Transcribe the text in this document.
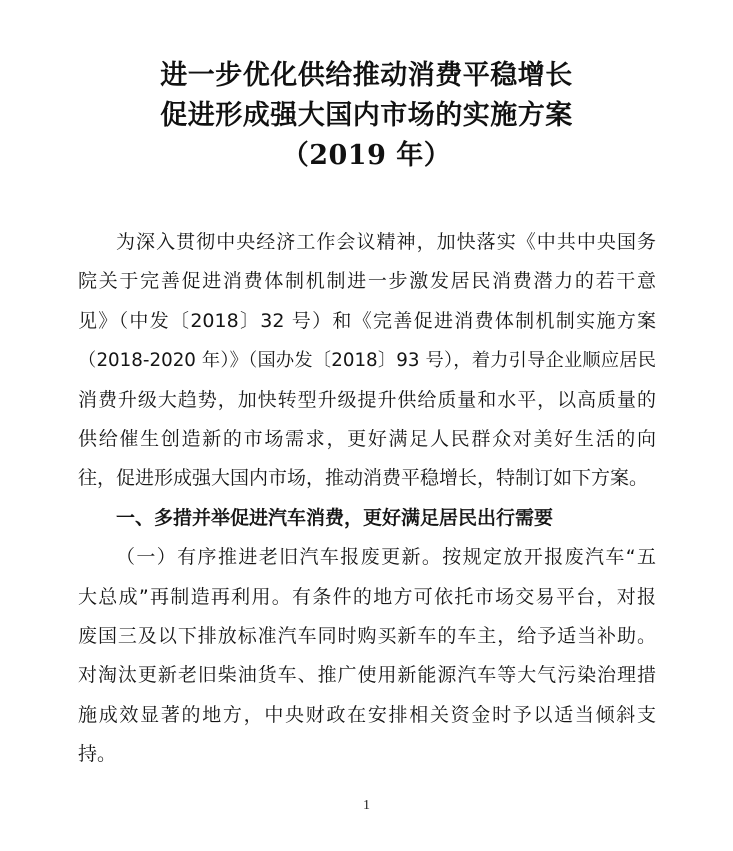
进一步优化供给推动消费平稳增长
促进形成强大国内市场的实施方案
（2019 年）
为深入贯彻中央经济工作会议精神，加快落实《中共中央国务
院关于完善促进消费体制机制进一步激发居民消费潜力的若干意
见》（中发〔2018〕32 号）和《完善促进消费体制机制实施方案
（2018-2020 年）》（国办发〔2018〕93 号），着力引导企业顺应居民
消费升级大趋势，加快转型升级提升供给质量和水平，以高质量的
供给催生创造新的市场需求，更好满足人民群众对美好生活的向
往，促进形成强大国内市场，推动消费平稳增长，特制订如下方案。
一、多措并举促进汽车消费，更好满足居民出行需要
（一）有序推进老旧汽车报废更新。按规定放开报废汽车“五
大总成”再制造再利用。有条件的地方可依托市场交易平台，对报
废国三及以下排放标准汽车同时购买新车的车主，给予适当补助。
对淘汰更新老旧柴油货车、推广使用新能源汽车等大气污染治理措
施成效显著的地方，中央财政在安排相关资金时予以适当倾斜支
持。
1
